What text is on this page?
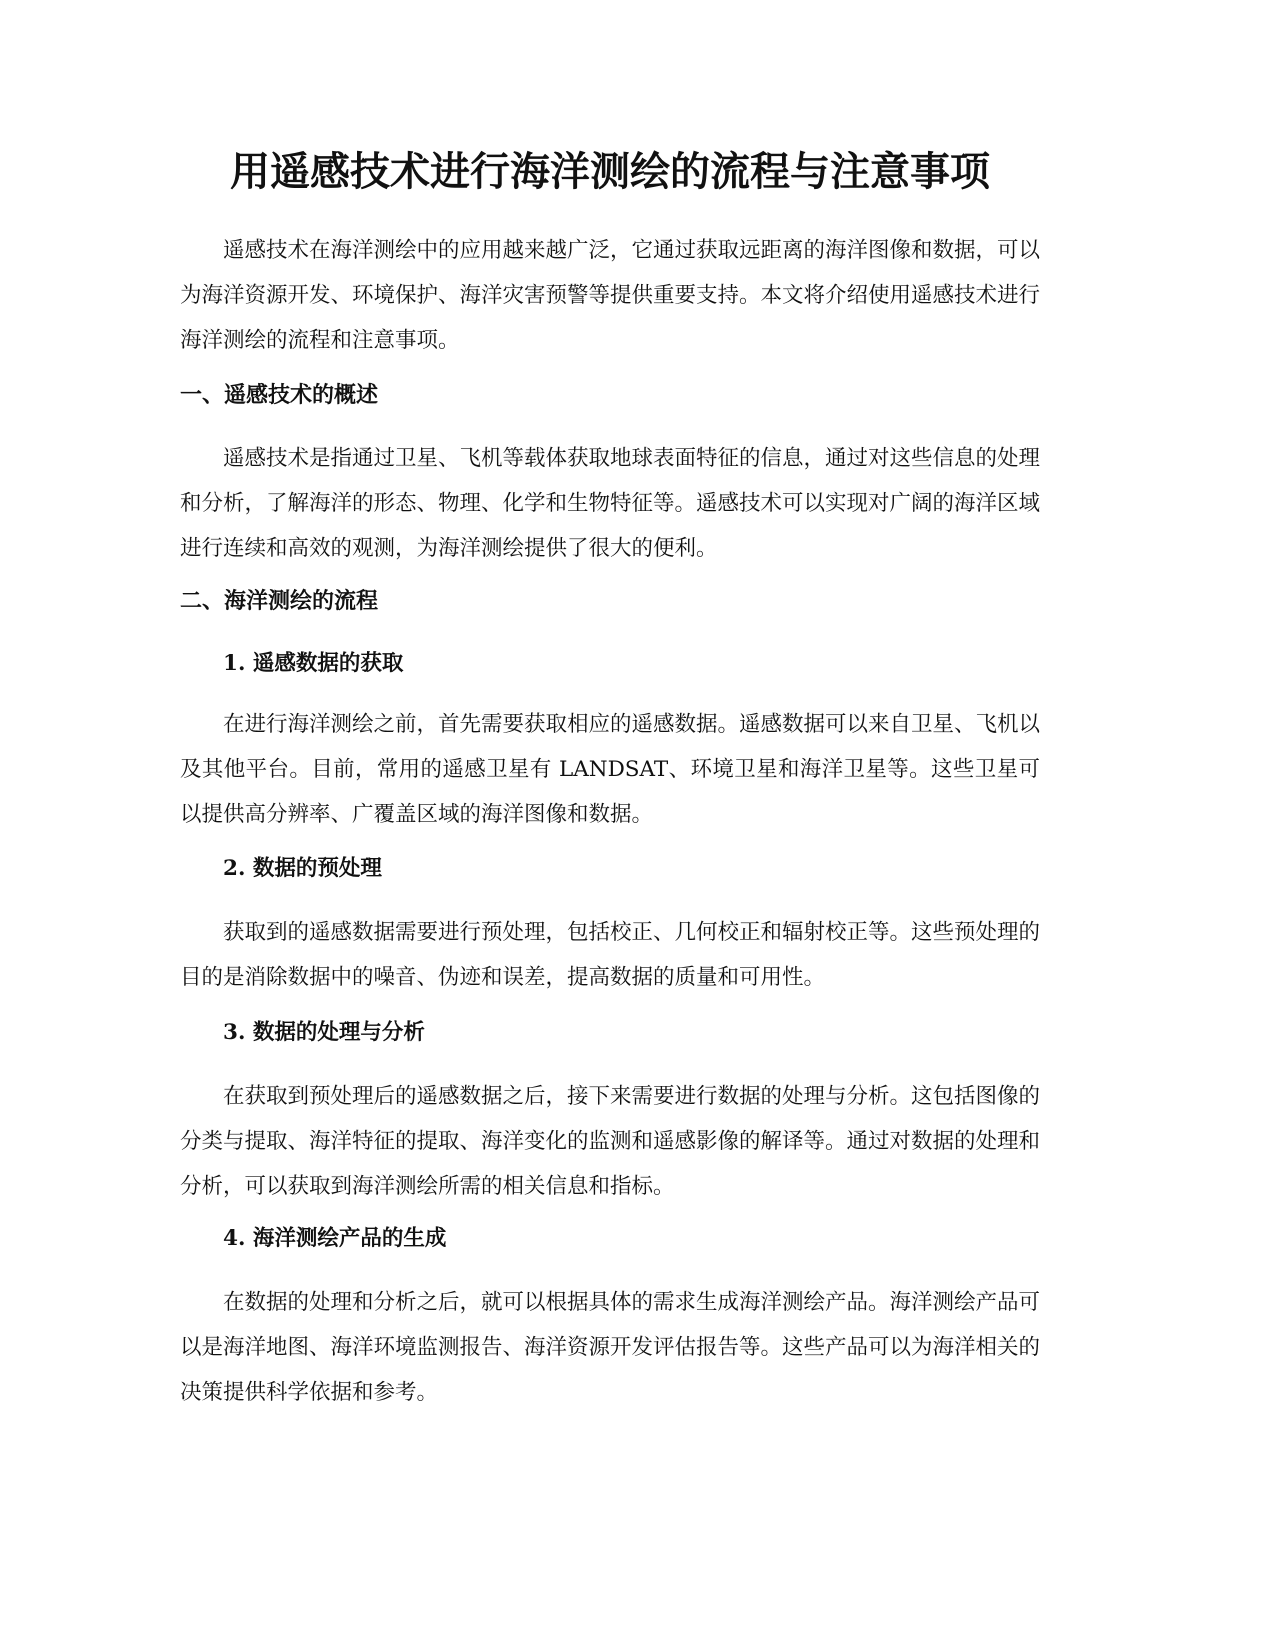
用遥感技术进行海洋测绘的流程与注意事项

遥感技术在海洋测绘中的应用越来越广泛，它通过获取远距离的海洋图像和数据，可以为海洋资源开发、环境保护、海洋灾害预警等提供重要支持。本文将介绍使用遥感技术进行海洋测绘的流程和注意事项。

一、遥感技术的概述

遥感技术是指通过卫星、飞机等载体获取地球表面特征的信息，通过对这些信息的处理和分析，了解海洋的形态、物理、化学和生物特征等。遥感技术可以实现对广阔的海洋区域进行连续和高效的观测，为海洋测绘提供了很大的便利。

二、海洋测绘的流程
1. 遥感数据的获取

在进行海洋测绘之前，首先需要获取相应的遥感数据。遥感数据可以来自卫星、飞机以及其他平台。目前，常用的遥感卫星有 LANDSAT、环境卫星和海洋卫星等。这些卫星可以提供高分辨率、广覆盖区域的海洋图像和数据。

2. 数据的预处理

获取到的遥感数据需要进行预处理，包括校正、几何校正和辐射校正等。这些预处理的目的是消除数据中的噪音、伪迹和误差，提高数据的质量和可用性。

3. 数据的处理与分析

在获取到预处理后的遥感数据之后，接下来需要进行数据的处理与分析。这包括图像的分类与提取、海洋特征的提取、海洋变化的监测和遥感影像的解译等。通过对数据的处理和分析，可以获取到海洋测绘所需的相关信息和指标。

4. 海洋测绘产品的生成

在数据的处理和分析之后，就可以根据具体的需求生成海洋测绘产品。海洋测绘产品可以是海洋地图、海洋环境监测报告、海洋资源开发评估报告等。这些产品可以为海洋相关的决策提供科学依据和参考。
